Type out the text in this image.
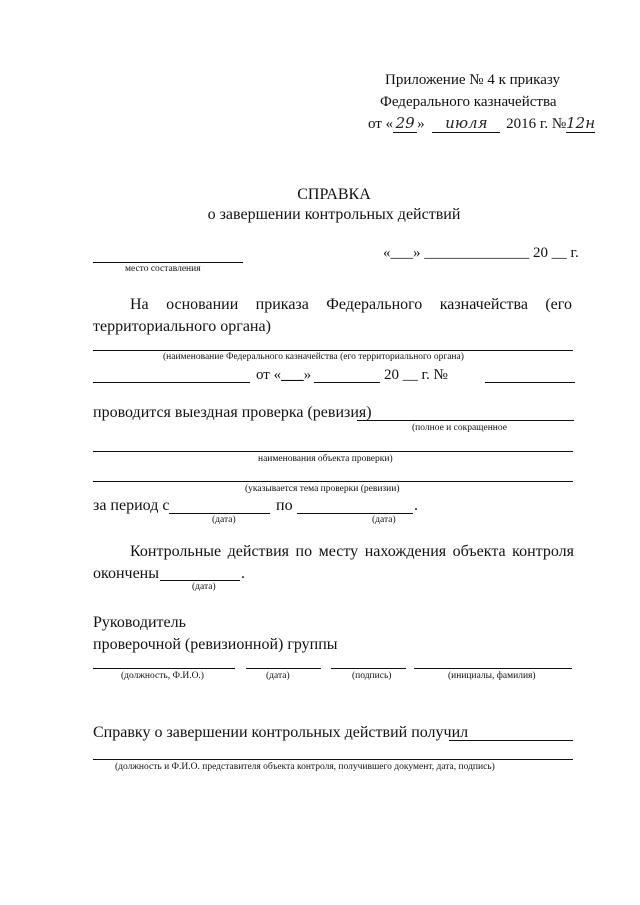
Приложение № 4 к приказу
Федерального казначейства
от « 29 » июля 2016 г. №12н
СПРАВКА
о завершении контрольных действий
место составления
«___» ______________ 20 __ г.
На основании приказа Федерального казначейства (его
территориального органа)
(наименование Федерального казначейства (его территориального органа)
от «___»	20 __ г. №
проводится выездная проверка (ревизия)
(полное и сокращенное
наименования объекта проверки)
(указывается тема проверки (ревизии)
за период с	по	.
(дата)	(дата)
Контрольные действия по месту нахождения объекта контроля
окончены	.
(дата)
Руководитель
проверочной (ревизионной) группы
(должность, Ф.И.О.)	(дата)	(подпись)	(инициалы, фамилия)
Справку о завершении контрольных действий получил
(должность и Ф.И.О. представителя объекта контроля, получившего документ, дата, подпись)
